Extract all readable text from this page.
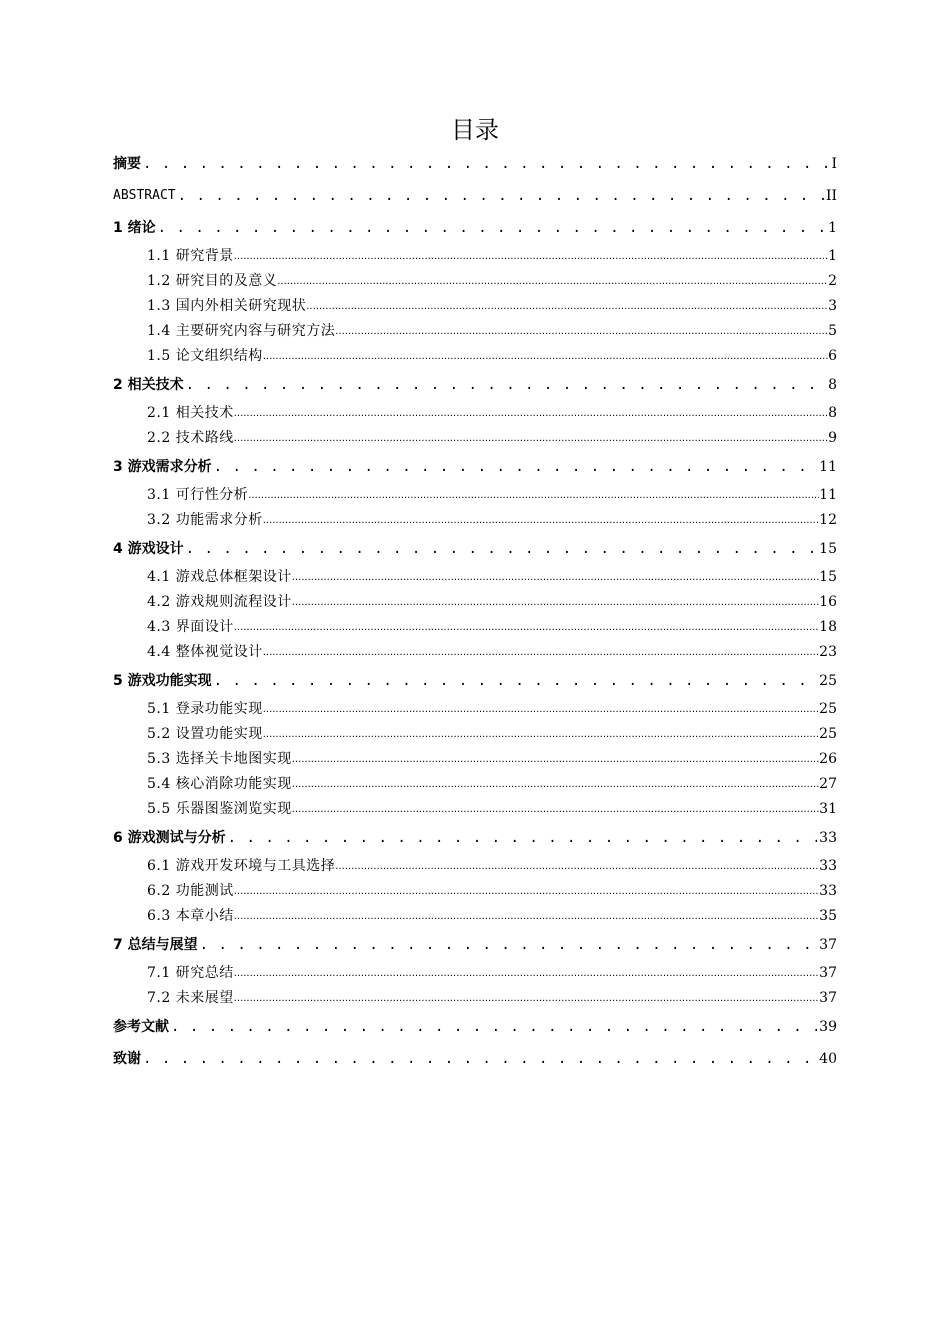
目录
摘要 . . .	I
ABSTRACT . . .	II
1 绪论 . . .	1
1.1 研究背景 .....	1
1.2 研究目的及意义 .....	2
1.3 国内外相关研究现状 .....	3
1.4 主要研究内容与研究方法 .....	5
1.5 论文组织结构 .....	6
2 相关技术 . . .	8
2.1 相关技术 .....	8
2.2 技术路线 .....	9
3 游戏需求分析 . . .	11
3.1 可行性分析 .....	11
3.2 功能需求分析 .....	12
4 游戏设计 . . .	15
4.1 游戏总体框架设计 .....	15
4.2 游戏规则流程设计 .....	16
4.3 界面设计 .....	18
4.4 整体视觉设计 .....	23
5 游戏功能实现 . . .	25
5.1 登录功能实现 .....	25
5.2 设置功能实现 .....	25
5.3 选择关卡地图实现 .....	26
5.4 核心消除功能实现 .....	27
5.5 乐器图鉴浏览实现 .....	31
6 游戏测试与分析 . . .	33
6.1 游戏开发环境与工具选择 .....	33
6.2 功能测试 .....	33
6.3 本章小结 .....	35
7 总结与展望 . . .	37
7.1 研究总结 .....	37
7.2 未来展望 .....	37
参考文献 . . .	39
致谢 . . .	40
